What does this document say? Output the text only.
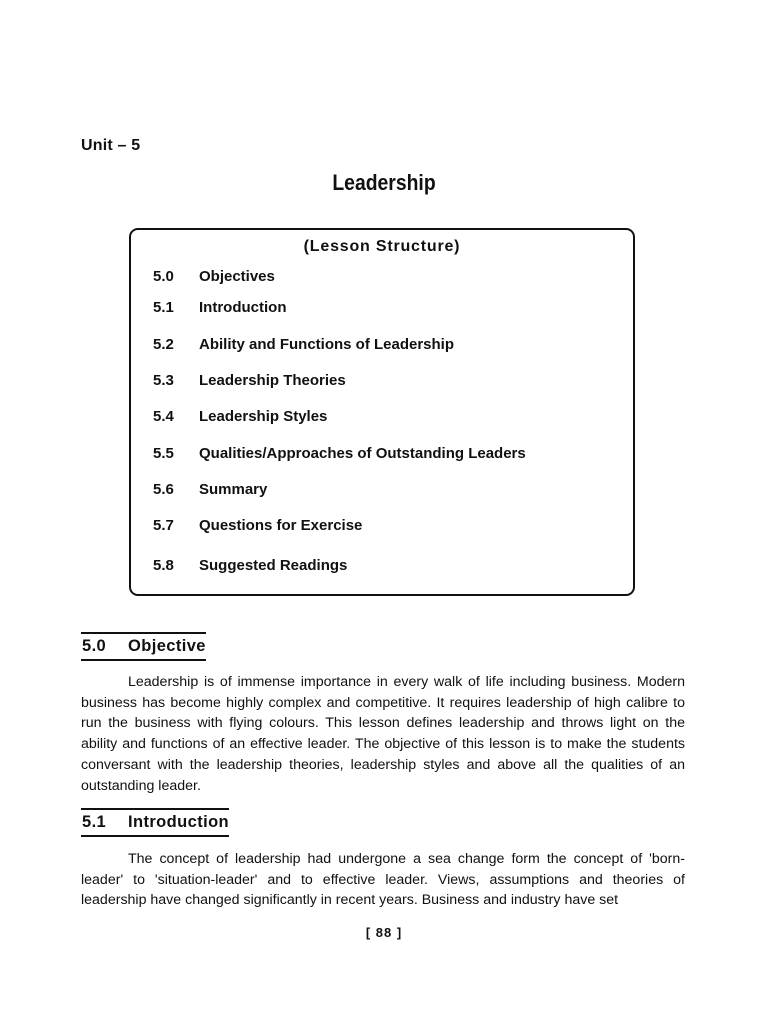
Unit – 5
Leadership
(Lesson Structure)
5.0 Objectives
5.1 Introduction
5.2 Ability and Functions of Leadership
5.3 Leadership Theories
5.4 Leadership Styles
5.5 Qualities/Approaches of Outstanding Leaders
5.6 Summary
5.7 Questions for Exercise
5.8 Suggested Readings
5.0 Objective

Leadership is of immense importance in every walk of life including business. Modern business has become highly complex and competitive. It requires leadership of high calibre to run the business with flying colours. This lesson defines leadership and throws light on the ability and functions of an effective leader. The objective of this lesson is to make the students conversant with the leadership theories, leadership styles and above all the qualities of an outstanding leader.

5.1 Introduction

The concept of leadership had undergone a sea change form the concept of 'born-leader' to 'situation-leader' and to effective leader. Views, assumptions and theories of leadership have changed significantly in recent years. Business and industry have set

[ 88 ]
